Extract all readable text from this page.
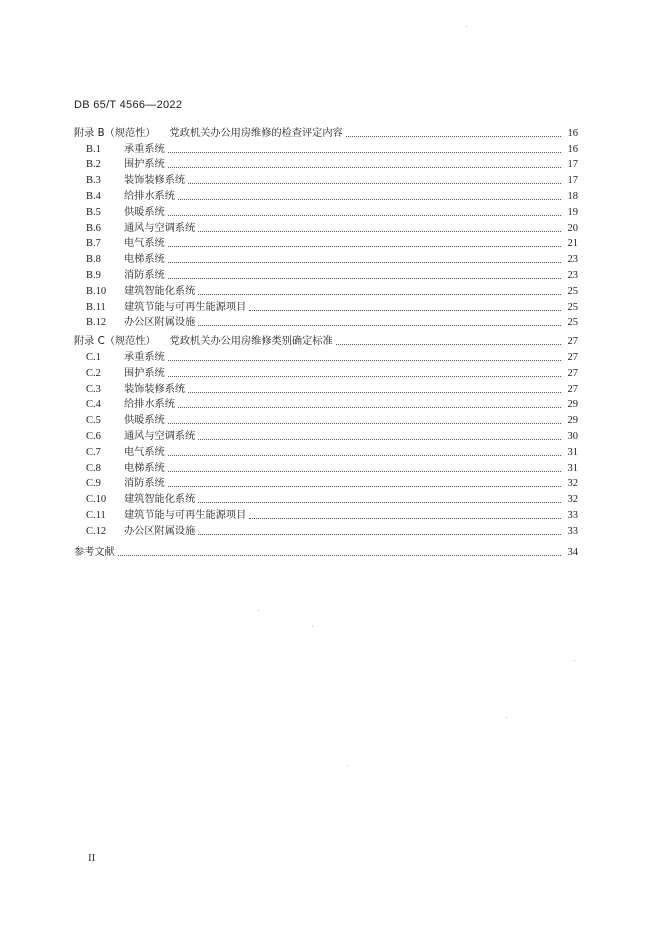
DB 65/T 4566—2022
附录 B（规范性） 党政机关办公用房维修的检查评定内容	16
B.1	承重系统	16
B.2	围护系统	17
B.3	装饰装修系统	17
B.4	给排水系统	18
B.5	供暖系统	19
B.6	通风与空调系统	20
B.7	电气系统	21
B.8	电梯系统	23
B.9	消防系统	23
B.10	建筑智能化系统	25
B.11	建筑节能与可再生能源项目	25
B.12	办公区附属设施	25
附录 C（规范性） 党政机关办公用房维修类别确定标准	27
C.1	承重系统	27
C.2	围护系统	27
C.3	装饰装修系统	27
C.4	给排水系统	29
C.5	供暖系统	29
C.6	通风与空调系统	30
C.7	电气系统	31
C.8	电梯系统	31
C.9	消防系统	32
C.10	建筑智能化系统	32
C.11	建筑节能与可再生能源项目	33
C.12	办公区附属设施	33
参考文献	34
II
